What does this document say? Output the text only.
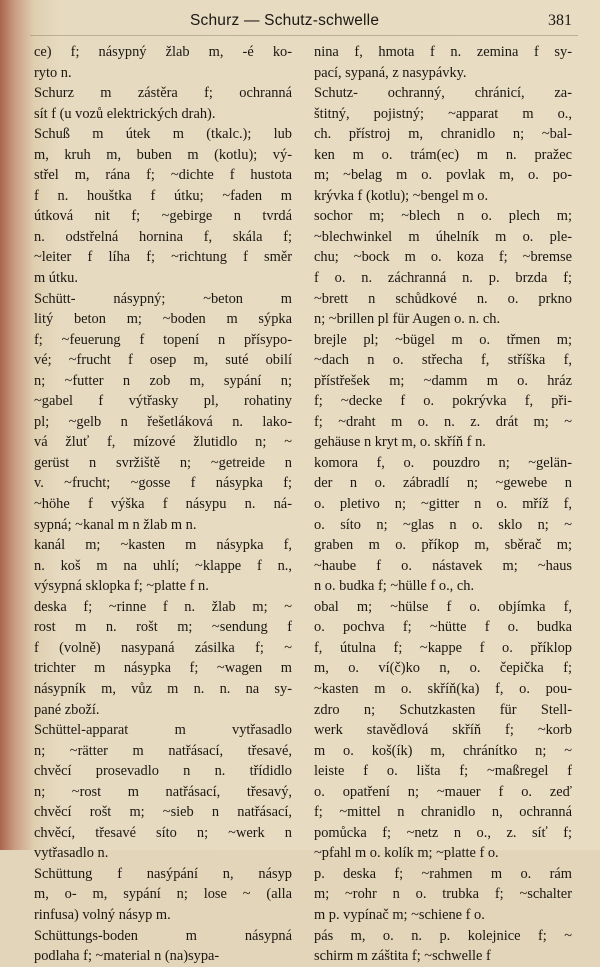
Schurz — Schutz-schwelle	381
ce) f; násypný žlab m, -é ko-
ryto n.
Schurz m zástěra f; ochranná
sít f (u vozů elektrických drah).
Schuß m útek m (tkalc.); lub
m, kruh m, buben m (kotlu); vý-
střel m, rána f; ~dichte f hustota
f n. houštka f útku; ~faden m
útková nit f; ~gebirge n tvrdá
n. odstřelná hornina f, skála f;
~leiter f líha f; ~richtung f směr
m útku.
Schütt- násypný; ~beton m
litý beton m; ~boden m sýpka
f; ~feuerung f topení n přísypo-
vé; ~frucht f osep m, suté obilí
n; ~futter n zob m, sypání n;
~gabel f výtřasky pl, rohatiny
pl; ~gelb n řešetláková n. lako-
vá žluť f, mízové žlutidlo n; ~
gerüst n svržiště n; ~getreide n
v. ~frucht; ~gosse f násypka f;
~höhe f výška f násypu n. ná-
sypná; ~kanal m n žlab m n.
kanál m; ~kasten m násypka f,
n. koš m na uhlí; ~klappe f n.,
výsypná sklopka f; ~platte f n.
deska f; ~rinne f n. žlab m; ~
rost m n. rošt m; ~sendung f
f (volně) nasypaná zásilka f; ~
trichter m násypka f; ~wagen m
násypník m, vůz m n. n. na sy-
pané zboží.
Schüttel-apparat m vytřasadlo
n; ~rätter m natřásací, třesavé,
chvěcí prosevadlo n n. třídidlo
n; ~rost m natřásací, třesavý,
chvěcí rošt m; ~sieb n natřásací,
chvěcí, třesavé síto n; ~werk n
vytřasadlo n.
Schüttung f nasýpání n, násyp
m, o- m, sypání n; lose ~ (alla
rinfusa) volný násyp m.
Schüttungs-boden m násypná
podlaha f; ~material n (na)sypa-
nina f, hmota f n. zemina f sy-
pací, sypaná, z nasypávky.
Schutz- ochranný, chránicí, za-
štitný, pojistný; ~apparat m o.,
ch. přístroj m, chranidlo n; ~bal-
ken m o. trám(ec) m n. pražec
m; ~belag m o. povlak m, o. po-
krývka f (kotlu); ~bengel m o.
sochor m; ~blech n o. plech m;
~blechwinkel m úhelník m o. ple-
chu; ~bock m o. koza f; ~bremse
f o. n. záchranná n. p. brzda f;
~brett n schůdkové n. o. prkno
n; ~brillen pl für Augen o. n. ch.
brejle pl; ~bügel m o. třmen m;
~dach n o. střecha f, stříška f,
přístřešek m; ~damm m o. hráz
f; ~decke f o. pokrývka f, při-
f; ~draht m o. n. z. drát m; ~
gehäuse n kryt m, o. skříň f n.
komora f, o. pouzdro n; ~gelän-
der n o. zábradlí n; ~gewebe n
o. pletivo n; ~gitter n o. mříž f,
o. síto n; ~glas n o. sklo n; ~
graben m o. příkop m, sběrač m;
~haube f o. nástavek m; ~haus
n o. budka f; ~hülle f o., ch.
obal m; ~hülse f o. objímka f,
o. pochva f; ~hütte f o. budka
f, útulna f; ~kappe f o. příklop
m, o. ví(č)ko n, o. čepička f;
~kasten m o. skříň(ka) f, o. pou-
zdro n; Schutzkasten für Stell-
werk stavědlová skříň f; ~korb
m o. koš(ík) m, chránítko n; ~
leiste f o. lišta f; ~maßregel f
o. opatření n; ~mauer f o. zeď
f; ~mittel n chranidlo n, ochranná
pomůcka f; ~netz n o., z. síť f;
~pfahl m o. kolík m; ~platte f o.
p. deska f; ~rahmen m o. rám
m; ~rohr n o. trubka f; ~schalter
m p. vypínač m; ~schiene f o.
pás m, o. n. p. kolejnice f; ~
schirm m záštita f; ~schwelle f
